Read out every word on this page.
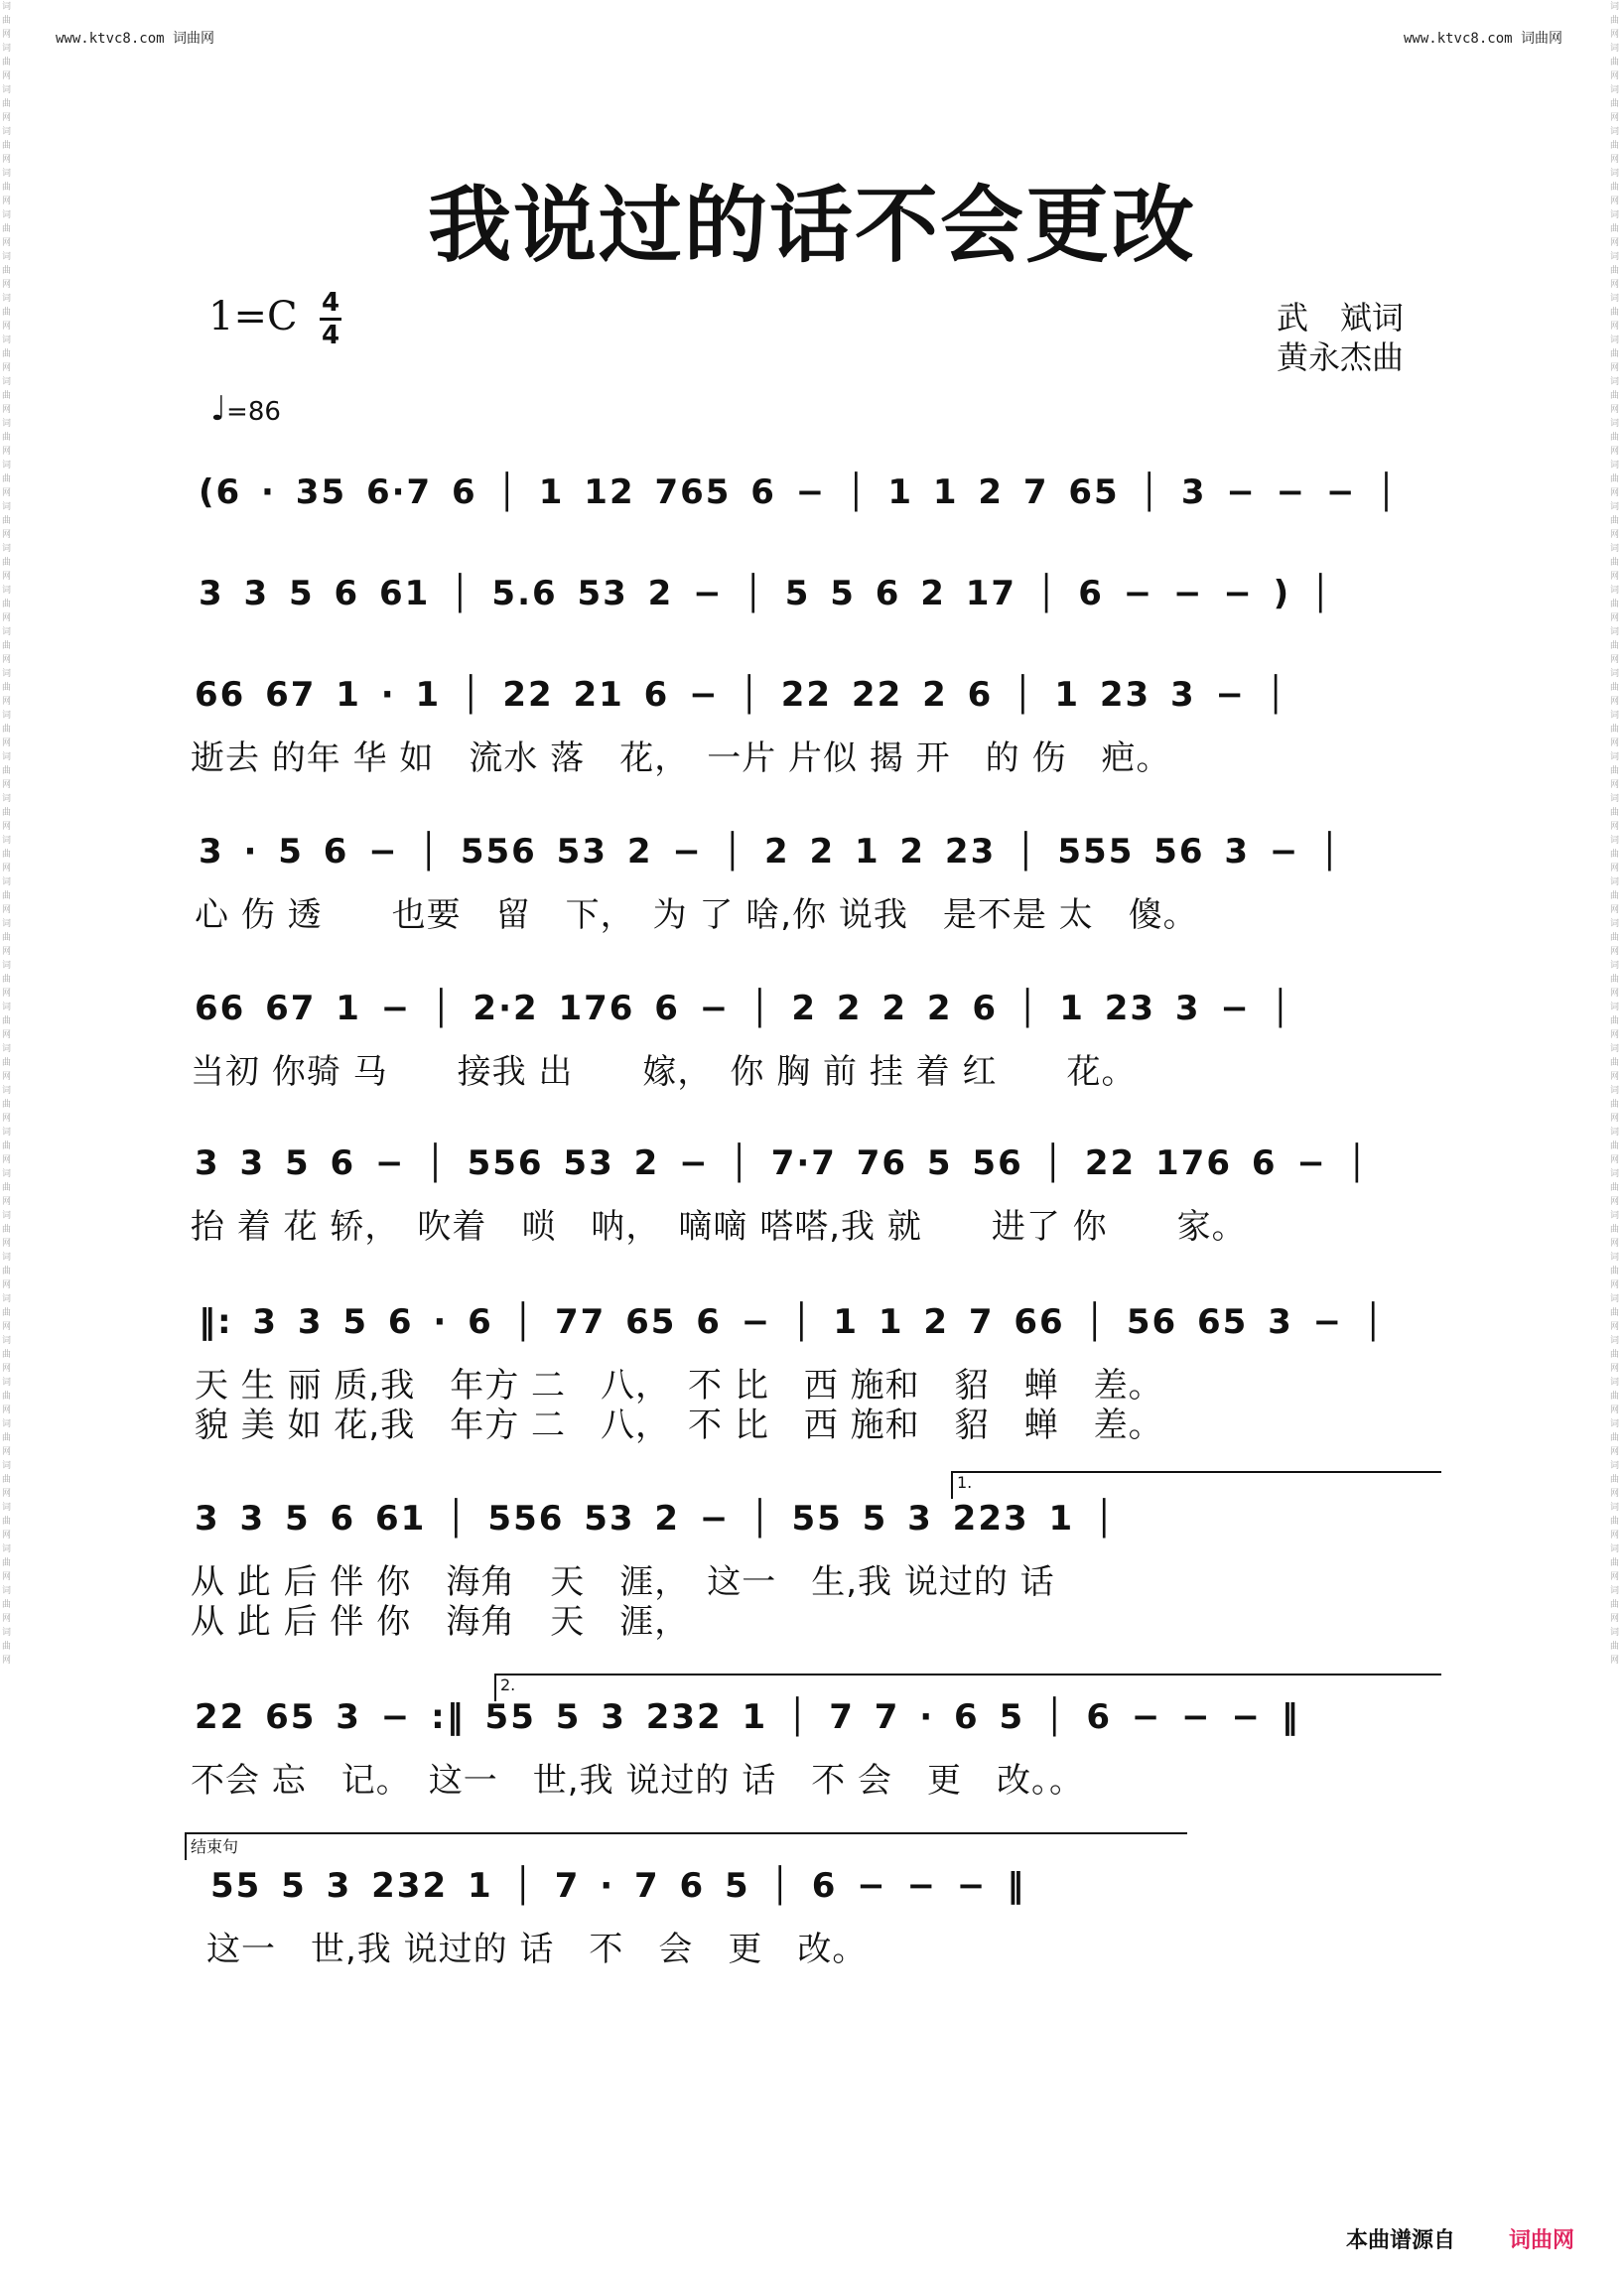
www.ktvc8.com 词曲网	www.ktvc8.com 词曲网
词曲网词曲网词曲网词曲网词曲网词曲网词曲网词曲网词曲网词曲网词曲网词曲网词曲网词曲网词曲网词曲网词曲网词曲网词曲网词曲网词曲网词曲网词曲网词曲网词曲网词曲网词曲网词曲网词曲网词曲网词曲网词曲网词曲网词曲网词曲网词曲网词曲网词曲网词曲网词曲网
词曲网词曲网词曲网词曲网词曲网词曲网词曲网词曲网词曲网词曲网词曲网词曲网词曲网词曲网词曲网词曲网词曲网词曲网词曲网词曲网词曲网词曲网词曲网词曲网词曲网词曲网词曲网词曲网词曲网词曲网词曲网词曲网词曲网词曲网词曲网词曲网词曲网词曲网词曲网词曲网
我说过的话不会更改
1=C 4
4	武　斌词
黄永杰曲
♩=86
(6 · 35 6·7 6 │ 1 12 765 6 − │ 1 1 2 7 65 │ 3 − − − │
3 3 5 6 61 │ 5.6 53 2 − │ 5 5 6 2 17 │ 6 − − − ) │
66 67 1 · 1 │ 22 21 6 − │ 22 22 2 6 │ 1 23 3 − │
逝去 的年 华 如　流水 落　花，　一片 片似 揭 开　的 伤　疤。
3 · 5 6 − │ 556 53 2 − │ 2 2 1 2 23 │ 555 56 3 − │
心 伤 透　　也要　留　下，　为 了 啥,你 说我　是不是 太　傻。
66 67 1 − │ 2·2 176 6 − │ 2 2 2 2 6 │ 1 23 3 − │
当初 你骑 马　　接我 出　　嫁，　你 胸 前 挂 着 红　　花。
3 3 5 6 − │ 556 53 2 − │ 7·7 76 5 56 │ 22 176 6 − │
抬 着 花 轿，　吹着　唢　呐，　嘀嘀 嗒嗒,我 就　　进了 你　　家。
‖: 3 3 5 6 · 6 │ 77 65 6 − │ 1 1 2 7 66 │ 56 65 3 − │
天 生 丽 质,我　年方 二　八，　不 比　西 施和　貂　蝉　差。
貌 美 如 花,我　年方 二　八，　不 比　西 施和　貂　蝉　差。
3 3 5 6 61 │ 556 53 2 − │ 55 5 3 223 1 │
从 此 后 伴 你　海角　天　涯，　这一　生,我 说过的 话
从 此 后 伴 你　海角　天　涯，
22 65 3 − :‖ 55 5 3 232 1 │ 7 7 · 6 5 │ 6 − − − ‖
不会 忘　记。　这一　世,我 说过的 话　不 会　更　改。。
55 5 3 232 1 │ 7 · 7 6 5 │ 6 − − − ‖
这一　世,我 说过的 话　不　会　更　改。
1.
2.
结束句
本曲谱源自 词曲网
